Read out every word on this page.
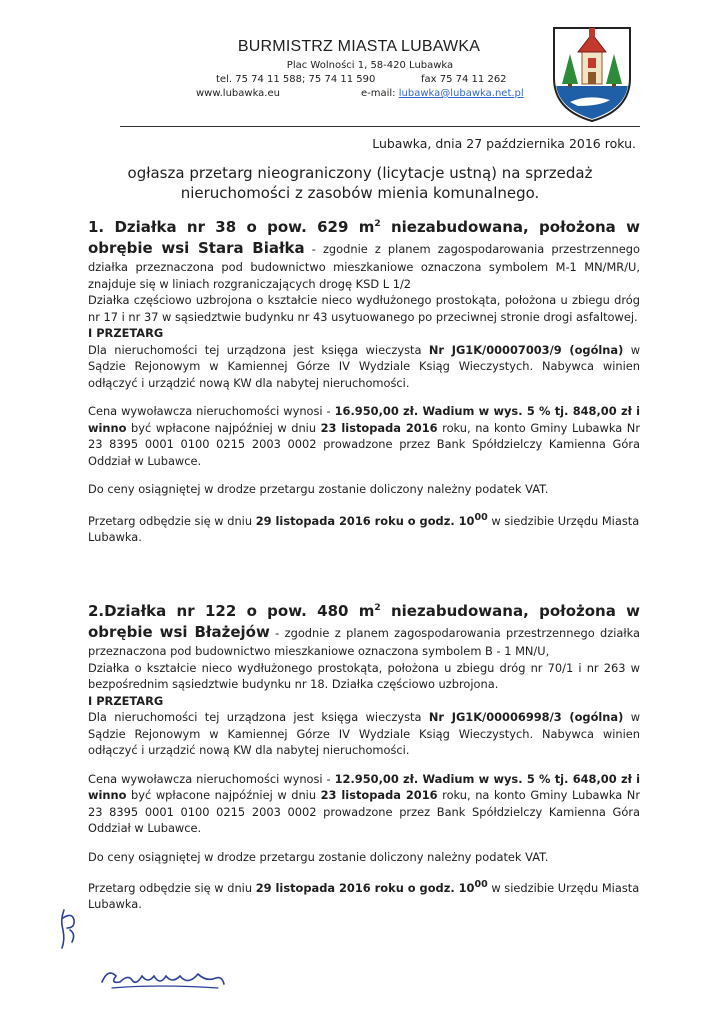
BURMISTRZ MIASTA LUBAWKA
Plac Wolności 1, 58-420 Lubawka
tel. 75 74 11 588; 75 74 11 590	fax 75 74 11 262
www.lubawka.eu	e-mail: lubawka@lubawka.net.pl
Lubawka, dnia 27 października 2016 roku.
ogłasza przetarg nieograniczony (licytacje ustną) na sprzedaż
nieruchomości z zasobów mienia komunalnego.

1. Działka nr 38 o pow. 629 $m^2$ niezabudowana, położona w obrębie wsi Stara Białka - zgodnie z planem zagospodarowania przestrzennego działka przeznaczona pod budownictwo mieszkaniowe oznaczona symbolem M-1 MN/MR/U, znajduje się w liniach rozgraniczających drogę KSD L 1/2

Działka częściowo uzbrojona o kształcie nieco wydłużonego prostokąta, położona u zbiegu dróg nr 17 i nr 37 w sąsiedztwie budynku nr 43 usytuowanego po przeciwnej stronie drogi asfaltowej.

I PRZETARG

Dla nieruchomości tej urządzona jest księga wieczysta Nr JG1K/00007003/9 (ogólna) w Sądzie Rejonowym w Kamiennej Górze IV Wydziale Ksiąg Wieczystych. Nabywca winien odłączyć i urządzić nową KW dla nabytej nieruchomości.

Cena wywoławcza nieruchomości wynosi - 16.950,00 zł. Wadium w wys. 5 % tj. 848,00 zł i winno być wpłacone najpóźniej w dniu 23 listopada 2016 roku, na konto Gminy Lubawka Nr 23 8395 0001 0100 0215 2003 0002 prowadzone przez Bank Spółdzielczy Kamienna Góra Oddział w Lubawce.

Do ceny osiągniętej w drodze przetargu zostanie doliczony należny podatek VAT.

Przetarg odbędzie się w dniu 29 listopada 2016 roku o godz. $10^{00}$ w siedzibie Urzędu Miasta Lubawka.

2.Działka nr 122 o pow. 480 $m^2$ niezabudowana, położona w obrębie wsi Błażejów - zgodnie z planem zagospodarowania przestrzennego działka przeznaczona pod budownictwo mieszkaniowe oznaczona symbolem B - 1 MN/U,

Działka o kształcie nieco wydłużonego prostokąta, położona u zbiegu dróg nr 70/1 i nr 263 w bezpośrednim sąsiedztwie budynku nr 18. Działka częściowo uzbrojona.

I PRZETARG

Dla nieruchomości tej urządzona jest księga wieczysta Nr JG1K/00006998/3 (ogólna) w Sądzie Rejonowym w Kamiennej Górze IV Wydziale Ksiąg Wieczystych. Nabywca winien odłączyć i urządzić nową KW dla nabytej nieruchomości.

Cena wywoławcza nieruchomości wynosi - 12.950,00 zł. Wadium w wys. 5 % tj. 648,00 zł i winno być wpłacone najpóźniej w dniu 23 listopada 2016 roku, na konto Gminy Lubawka Nr 23 8395 0001 0100 0215 2003 0002 prowadzone przez Bank Spółdzielczy Kamienna Góra Oddział w Lubawce.

Do ceny osiągniętej w drodze przetargu zostanie doliczony należny podatek VAT.

Przetarg odbędzie się w dniu 29 listopada 2016 roku o godz. $10^{00}$ w siedzibie Urzędu Miasta Lubawka.
